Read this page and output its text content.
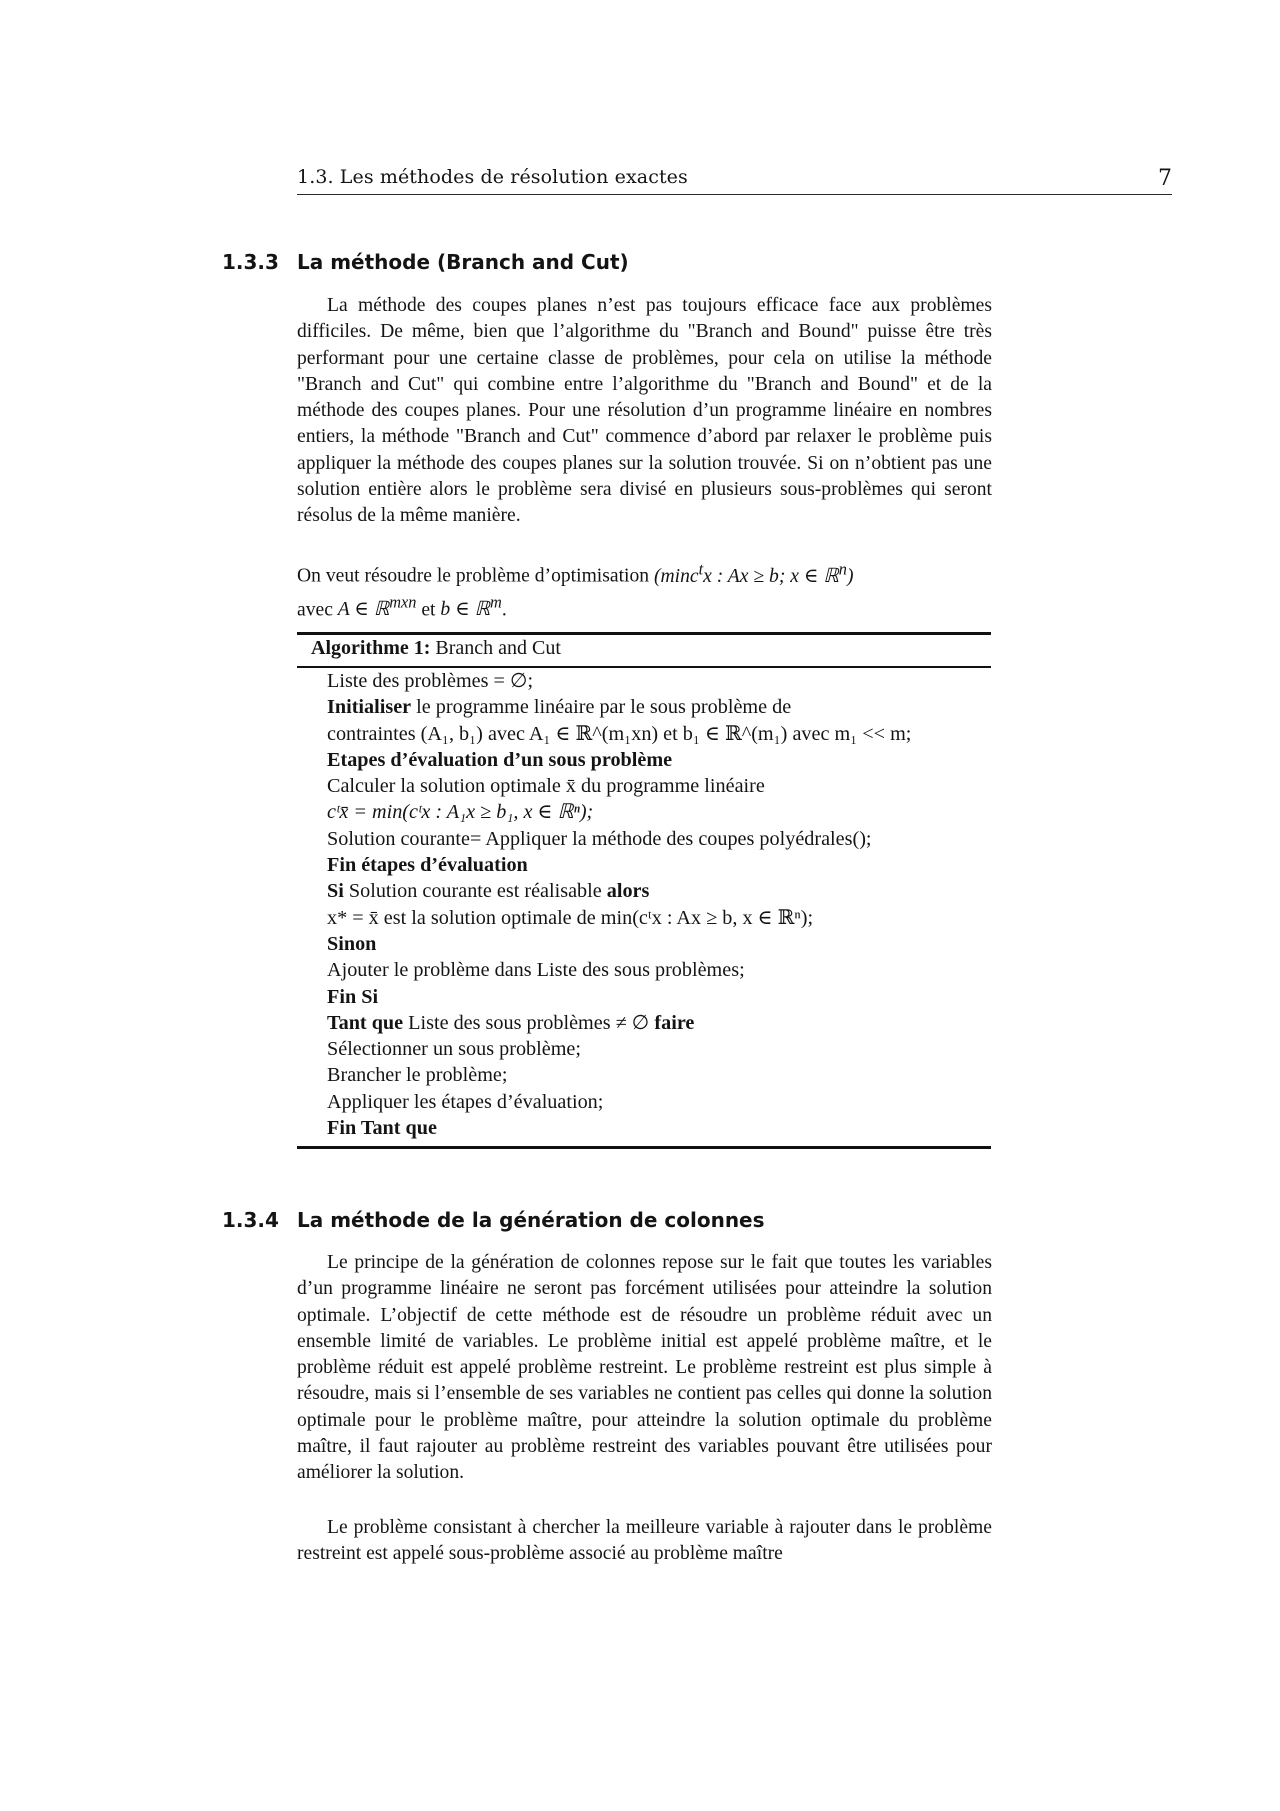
1.3. Les méthodes de résolution exactes	7
1.3.3 La méthode (Branch and Cut)

La méthode des coupes planes n’est pas toujours efficace face aux problèmes difficiles. De même, bien que l’algorithme du "Branch and Bound" puisse être très performant pour une certaine classe de problèmes, pour cela on utilise la méthode "Branch and Cut" qui combine entre l’algorithme du "Branch and Bound" et de la méthode des coupes planes. Pour une résolution d’un programme linéaire en nombres entiers, la méthode "Branch and Cut" commence d’abord par relaxer le problème puis appliquer la méthode des coupes planes sur la solution trouvée. Si on n’obtient pas une solution entière alors le problème sera divisé en plusieurs sous-problèmes qui seront résolus de la même manière.

On veut résoudre le problème d’optimisation (minc$^t$x : Ax ≥ b; x ∈ ℝ$^n$)
avec A ∈ ℝ$^{mxn}$ et b ∈ ℝ$^m$.

Algorithme 1: Branch and Cut
Liste des problèmes = ∅;
Initialiser le programme linéaire par le sous problème de
contraintes (A₁, b₁) avec A₁ ∈ ℝ^(m₁xn) et b₁ ∈ ℝ^(m₁) avec m₁ << m;
Etapes d’évaluation d’un sous problème
Calculer la solution optimale x̄ du programme linéaire
cᵗx̄ = min(cᵗx : A₁x ≥ b₁, x ∈ ℝⁿ);
Solution courante= Appliquer la méthode des coupes polyédrales();
Fin étapes d’évaluation
Si Solution courante est réalisable alors
x* = x̄ est la solution optimale de min(cᵗx : Ax ≥ b, x ∈ ℝⁿ);
Sinon
Ajouter le problème dans Liste des sous problèmes;
Fin Si
Tant que Liste des sous problèmes ≠ ∅ faire
Sélectionner un sous problème;
Brancher le problème;
Appliquer les étapes d’évaluation;
Fin Tant que
1.3.4 La méthode de la génération de colonnes

Le principe de la génération de colonnes repose sur le fait que toutes les variables d’un programme linéaire ne seront pas forcément utilisées pour atteindre la solution optimale. L’objectif de cette méthode est de résoudre un problème réduit avec un ensemble limité de variables. Le problème initial est appelé problème maître, et le problème réduit est appelé problème restreint. Le problème restreint est plus simple à résoudre, mais si l’ensemble de ses variables ne contient pas celles qui donne la solution optimale pour le problème maître, pour atteindre la solution optimale du problème maître, il faut rajouter au problème restreint des variables pouvant être utilisées pour améliorer la solution.

Le problème consistant à chercher la meilleure variable à rajouter dans le problème restreint est appelé sous-problème associé au problème maître
